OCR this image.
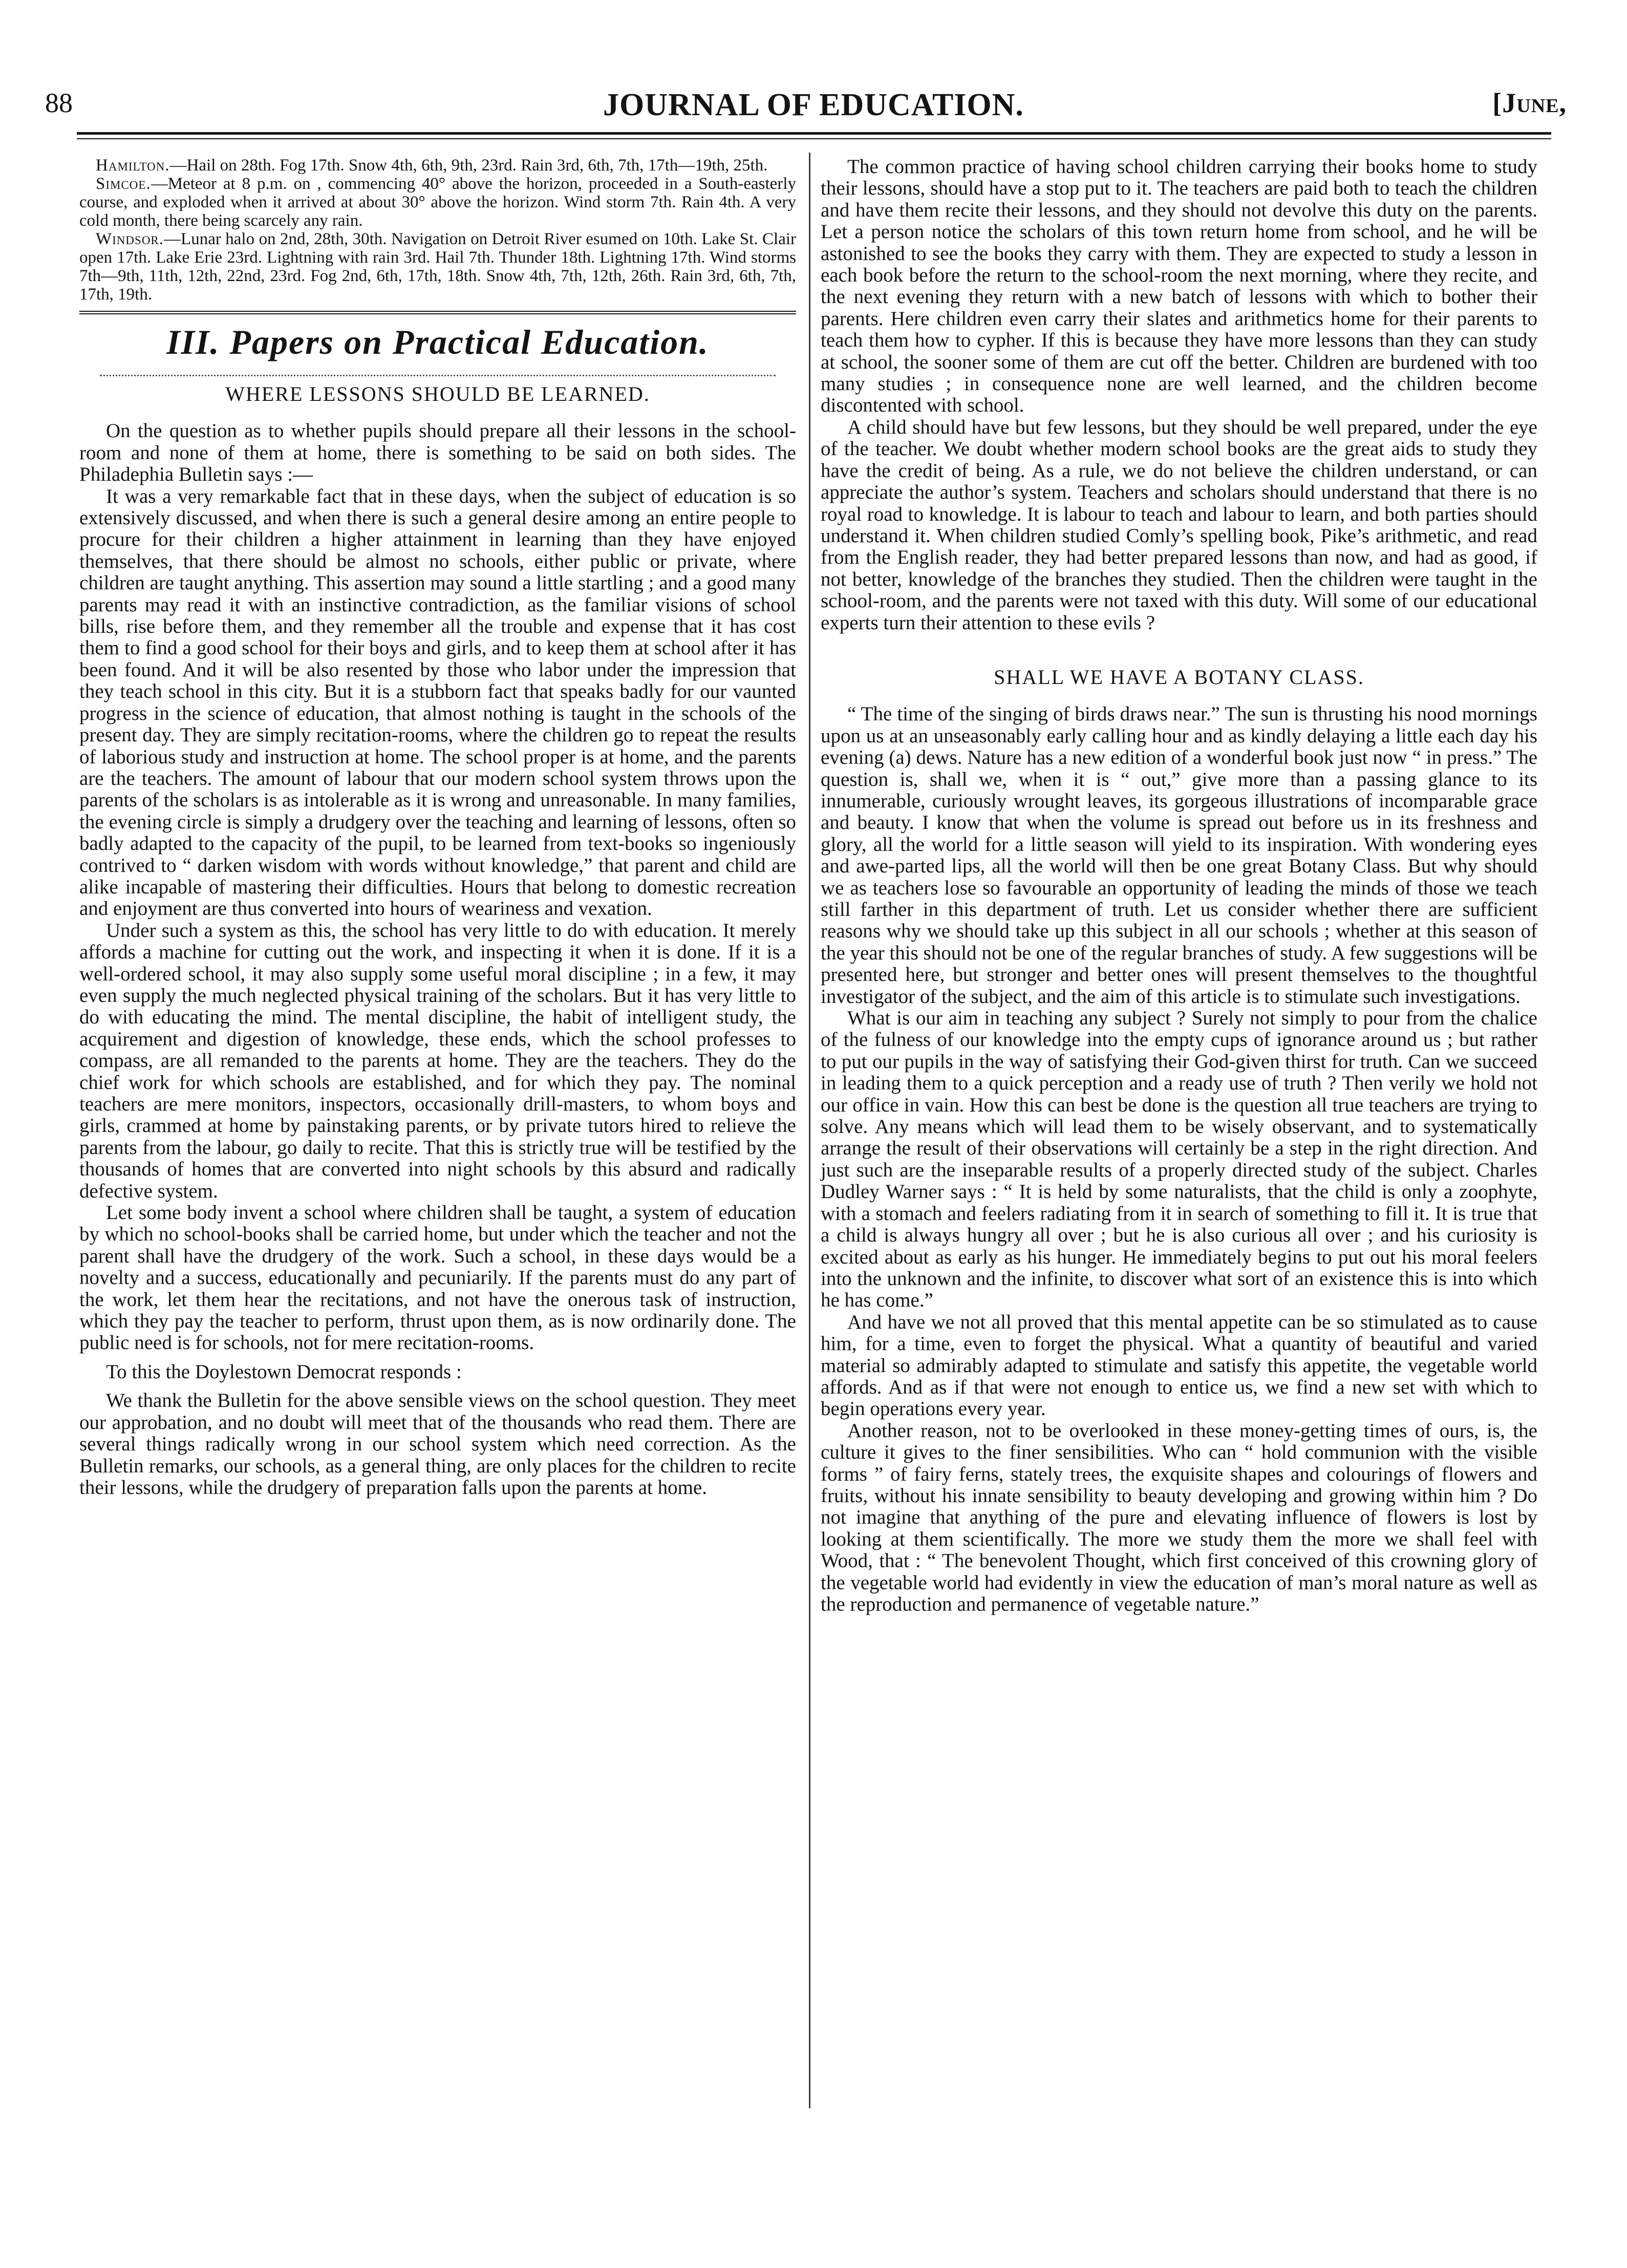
88	JOURNAL OF EDUCATION.	[June,

Hamilton.—Hail on 28th. Fog 17th. Snow 4th, 6th, 9th, 23rd. Rain 3rd, 6th, 7th, 17th—19th, 25th.

Simcoe.—Meteor at 8 p.m. on , commencing 40° above the horizon, proceeded in a South-easterly course, and exploded when it arrived at about 30° above the horizon. Wind storm 7th. Rain 4th. A very cold month, there being scarcely any rain.

Windsor.—Lunar halo on 2nd, 28th, 30th. Navigation on Detroit River esumed on 10th. Lake St. Clair open 17th. Lake Erie 23rd. Lightning with rain 3rd. Hail 7th. Thunder 18th. Lightning 17th. Wind storms 7th—9th, 11th, 12th, 22nd, 23rd. Fog 2nd, 6th, 17th, 18th. Snow 4th, 7th, 12th, 26th. Rain 3rd, 6th, 7th, 17th, 19th.

III. Papers on Practical Education.

WHERE LESSONS SHOULD BE LEARNED.

On the question as to whether pupils should prepare all their lessons in the school-room and none of them at home, there is something to be said on both sides. The Philadephia Bulletin says :—

It was a very remarkable fact that in these days, when the subject of education is so extensively discussed, and when there is such a general desire among an entire people to procure for their children a higher attainment in learning than they have enjoyed themselves, that there should be almost no schools, either public or private, where children are taught anything. This assertion may sound a little startling ; and a good many parents may read it with an instinctive contradiction, as the familiar visions of school bills, rise before them, and they remember all the trouble and expense that it has cost them to find a good school for their boys and girls, and to keep them at school after it has been found. And it will be also resented by those who labor under the impression that they teach school in this city. But it is a stubborn fact that speaks badly for our vaunted progress in the science of education, that almost nothing is taught in the schools of the present day. They are simply recitation-rooms, where the children go to repeat the results of laborious study and instruction at home. The school proper is at home, and the parents are the teachers. The amount of labour that our modern school system throws upon the parents of the scholars is as intolerable as it is wrong and unreasonable. In many families, the evening circle is simply a drudgery over the teaching and learning of lessons, often so badly adapted to the capacity of the pupil, to be learned from text-books so ingeniously contrived to “ darken wisdom with words without knowledge,” that parent and child are alike incapable of mastering their difficulties. Hours that belong to domestic recreation and enjoyment are thus converted into hours of weariness and vexation.

Under such a system as this, the school has very little to do with education. It merely affords a machine for cutting out the work, and inspecting it when it is done. If it is a well-ordered school, it may also supply some useful moral discipline ; in a few, it may even supply the much neglected physical training of the scholars. But it has very little to do with educating the mind. The mental discipline, the habit of intelligent study, the acquirement and digestion of knowledge, these ends, which the school professes to compass, are all remanded to the parents at home. They are the teachers. They do the chief work for which schools are established, and for which they pay. The nominal teachers are mere monitors, inspectors, occasionally drill-masters, to whom boys and girls, crammed at home by painstaking parents, or by private tutors hired to relieve the parents from the labour, go daily to recite. That this is strictly true will be testified by the thousands of homes that are converted into night schools by this absurd and radically defective system.

Let some body invent a school where children shall be taught, a system of education by which no school-books shall be carried home, but under which the teacher and not the parent shall have the drudgery of the work. Such a school, in these days would be a novelty and a success, educationally and pecuniarily. If the parents must do any part of the work, let them hear the recitations, and not have the onerous task of instruction, which they pay the teacher to perform, thrust upon them, as is now ordinarily done. The public need is for schools, not for mere recitation-rooms.

To this the Doylestown Democrat responds :

We thank the Bulletin for the above sensible views on the school question. They meet our approbation, and no doubt will meet that of the thousands who read them. There are several things radically wrong in our school system which need correction. As the Bulletin remarks, our schools, as a general thing, are only places for the children to recite their lessons, while the drudgery of preparation falls upon the parents at home.

The common practice of having school children carrying their books home to study their lessons, should have a stop put to it. The teachers are paid both to teach the children and have them recite their lessons, and they should not devolve this duty on the parents. Let a person notice the scholars of this town return home from school, and he will be astonished to see the books they carry with them. They are expected to study a lesson in each book before the return to the school-room the next morning, where they recite, and the next evening they return with a new batch of lessons with which to bother their parents. Here children even carry their slates and arithmetics home for their parents to teach them how to cypher. If this is because they have more lessons than they can study at school, the sooner some of them are cut off the better. Children are burdened with too many studies ; in consequence none are well learned, and the children become discontented with school.

A child should have but few lessons, but they should be well prepared, under the eye of the teacher. We doubt whether modern school books are the great aids to study they have the credit of being. As a rule, we do not believe the children understand, or can appreciate the author’s system. Teachers and scholars should understand that there is no royal road to knowledge. It is labour to teach and labour to learn, and both parties should understand it. When children studied Comly’s spelling book, Pike’s arithmetic, and read from the English reader, they had better prepared lessons than now, and had as good, if not better, knowledge of the branches they studied. Then the children were taught in the school-room, and the parents were not taxed with this duty. Will some of our educational experts turn their attention to these evils ?

SHALL WE HAVE A BOTANY CLASS.

“ The time of the singing of birds draws near.” The sun is thrusting his nood mornings upon us at an unseasonably early calling hour and as kindly delaying a little each day his evening (a) dews. Nature has a new edition of a wonderful book just now “ in press.” The question is, shall we, when it is “ out,” give more than a passing glance to its innumerable, curiously wrought leaves, its gorgeous illustrations of incomparable grace and beauty. I know that when the volume is spread out before us in its freshness and glory, all the world for a little season will yield to its inspiration. With wondering eyes and awe-parted lips, all the world will then be one great Botany Class. But why should we as teachers lose so favourable an opportunity of leading the minds of those we teach still farther in this department of truth. Let us consider whether there are sufficient reasons why we should take up this subject in all our schools ; whether at this season of the year this should not be one of the regular branches of study. A few suggestions will be presented here, but stronger and better ones will present themselves to the thoughtful investigator of the subject, and the aim of this article is to stimulate such investigations.

What is our aim in teaching any subject ? Surely not simply to pour from the chalice of the fulness of our knowledge into the empty cups of ignorance around us ; but rather to put our pupils in the way of satisfying their God-given thirst for truth. Can we succeed in leading them to a quick perception and a ready use of truth ? Then verily we hold not our office in vain. How this can best be done is the question all true teachers are trying to solve. Any means which will lead them to be wisely observant, and to systematically arrange the result of their observations will certainly be a step in the right direction. And just such are the inseparable results of a properly directed study of the subject. Charles Dudley Warner says : “ It is held by some naturalists, that the child is only a zoophyte, with a stomach and feelers radiating from it in search of something to fill it. It is true that a child is always hungry all over ; but he is also curious all over ; and his curiosity is excited about as early as his hunger. He immediately begins to put out his moral feelers into the unknown and the infinite, to discover what sort of an existence this is into which he has come.”

And have we not all proved that this mental appetite can be so stimulated as to cause him, for a time, even to forget the physical. What a quantity of beautiful and varied material so admirably adapted to stimulate and satisfy this appetite, the vegetable world affords. And as if that were not enough to entice us, we find a new set with which to begin operations every year.

Another reason, not to be overlooked in these money-getting times of ours, is, the culture it gives to the finer sensibilities. Who can “ hold communion with the visible forms ” of fairy ferns, stately trees, the exquisite shapes and colourings of flowers and fruits, without his innate sensibility to beauty developing and growing within him ? Do not imagine that anything of the pure and elevating influence of flowers is lost by looking at them scientifically. The more we study them the more we shall feel with Wood, that : “ The benevolent Thought, which first conceived of this crowning glory of the vegetable world had evidently in view the education of man’s moral nature as well as the reproduction and permanence of vegetable nature.”
